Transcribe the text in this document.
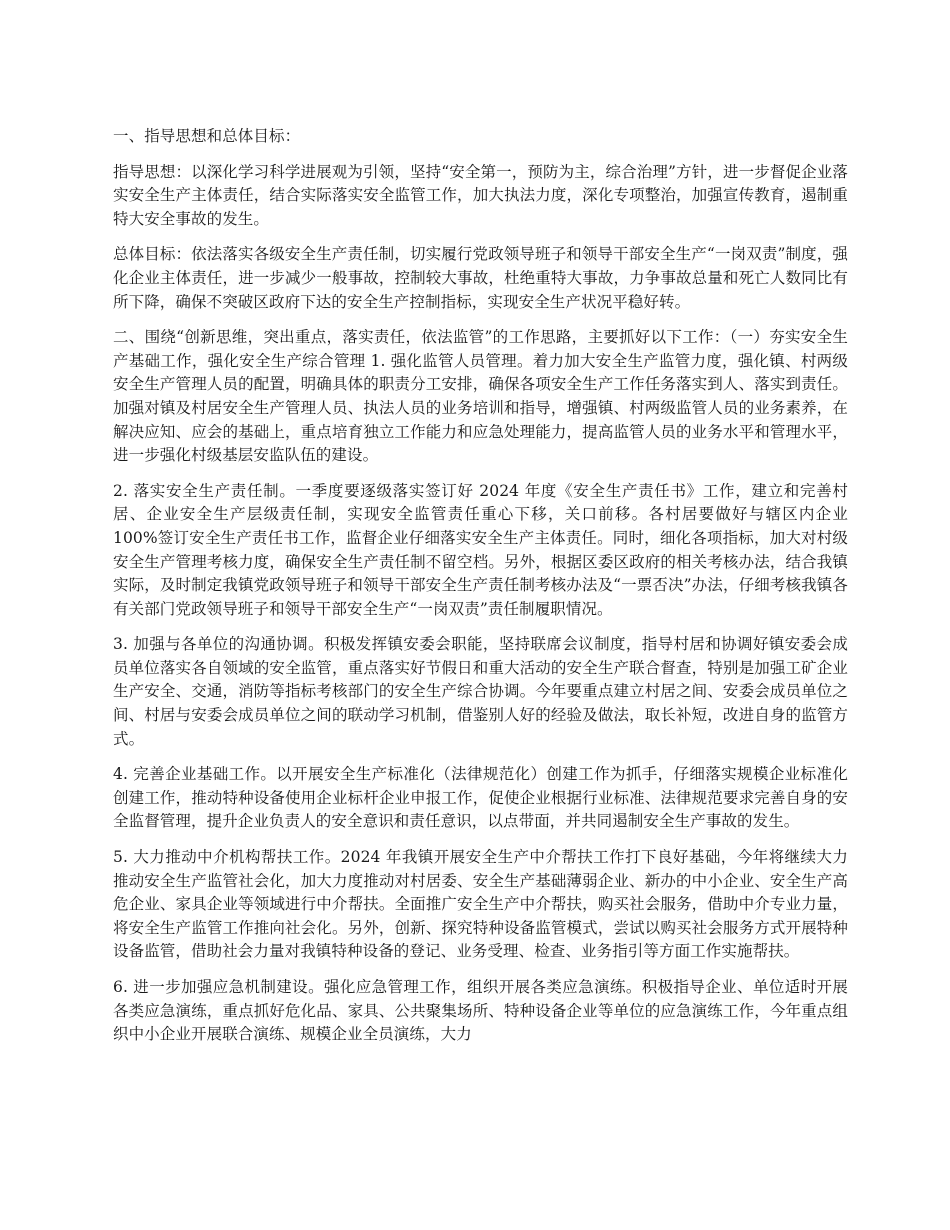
一、指导思想和总体目标：

指导思想：以深化学习科学进展观为引领，坚持“安全第一，预防为主，综合治理”方针，进一步督促企业落实安全生产主体责任，结合实际落实安全监管工作，加大执法力度，深化专项整治，加强宣传教育，遏制重特大安全事故的发生。

总体目标：依法落实各级安全生产责任制，切实履行党政领导班子和领导干部安全生产“一岗双责”制度，强化企业主体责任，进一步减少一般事故，控制较大事故，杜绝重特大事故，力争事故总量和死亡人数同比有所下降，确保不突破区政府下达的安全生产控制指标，实现安全生产状况平稳好转。

二、围绕“创新思维，突出重点，落实责任，依法监管”的工作思路，主要抓好以下工作：（一）夯实安全生产基础工作，强化安全生产综合管理 1. 强化监管人员管理。着力加大安全生产监管力度，强化镇、村两级安全生产管理人员的配置，明确具体的职责分工安排，确保各项安全生产工作任务落实到人、落实到责任。加强对镇及村居安全生产管理人员、执法人员的业务培训和指导，增强镇、村两级监管人员的业务素养，在解决应知、应会的基础上，重点培育独立工作能力和应急处理能力，提高监管人员的业务水平和管理水平，进一步强化村级基层安监队伍的建设。

2. 落实安全生产责任制。一季度要逐级落实签订好 2024 年度《安全生产责任书》工作，建立和完善村居、企业安全生产层级责任制，实现安全监管责任重心下移，关口前移。各村居要做好与辖区内企业 100%签订安全生产责任书工作，监督企业仔细落实安全生产主体责任。同时，细化各项指标，加大对村级安全生产管理考核力度，确保安全生产责任制不留空档。另外，根据区委区政府的相关考核办法，结合我镇实际，及时制定我镇党政领导班子和领导干部安全生产责任制考核办法及“一票否决”办法，仔细考核我镇各有关部门党政领导班子和领导干部安全生产“一岗双责”责任制履职情况。

3. 加强与各单位的沟通协调。积极发挥镇安委会职能，坚持联席会议制度，指导村居和协调好镇安委会成员单位落实各自领域的安全监管，重点落实好节假日和重大活动的安全生产联合督查，特别是加强工矿企业生产安全、交通，消防等指标考核部门的安全生产综合协调。今年要重点建立村居之间、安委会成员单位之间、村居与安委会成员单位之间的联动学习机制，借鉴别人好的经验及做法，取长补短，改进自身的监管方式。

4. 完善企业基础工作。以开展安全生产标准化（法律规范化）创建工作为抓手，仔细落实规模企业标准化创建工作，推动特种设备使用企业标杆企业申报工作，促使企业根据行业标准、法律规范要求完善自身的安全监督管理，提升企业负责人的安全意识和责任意识，以点带面，并共同遏制安全生产事故的发生。

5. 大力推动中介机构帮扶工作。2024 年我镇开展安全生产中介帮扶工作打下良好基础，今年将继续大力推动安全生产监管社会化，加大力度推动对村居委、安全生产基础薄弱企业、新办的中小企业、安全生产高危企业、家具企业等领域进行中介帮扶。全面推广安全生产中介帮扶，购买社会服务，借助中介专业力量，将安全生产监管工作推向社会化。另外，创新、探究特种设备监管模式，尝试以购买社会服务方式开展特种设备监管，借助社会力量对我镇特种设备的登记、业务受理、检查、业务指引等方面工作实施帮扶。

6. 进一步加强应急机制建设。强化应急管理工作，组织开展各类应急演练。积极指导企业、单位适时开展各类应急演练，重点抓好危化品、家具、公共聚集场所、特种设备企业等单位的应急演练工作，今年重点组织中小企业开展联合演练、规模企业全员演练，大力
